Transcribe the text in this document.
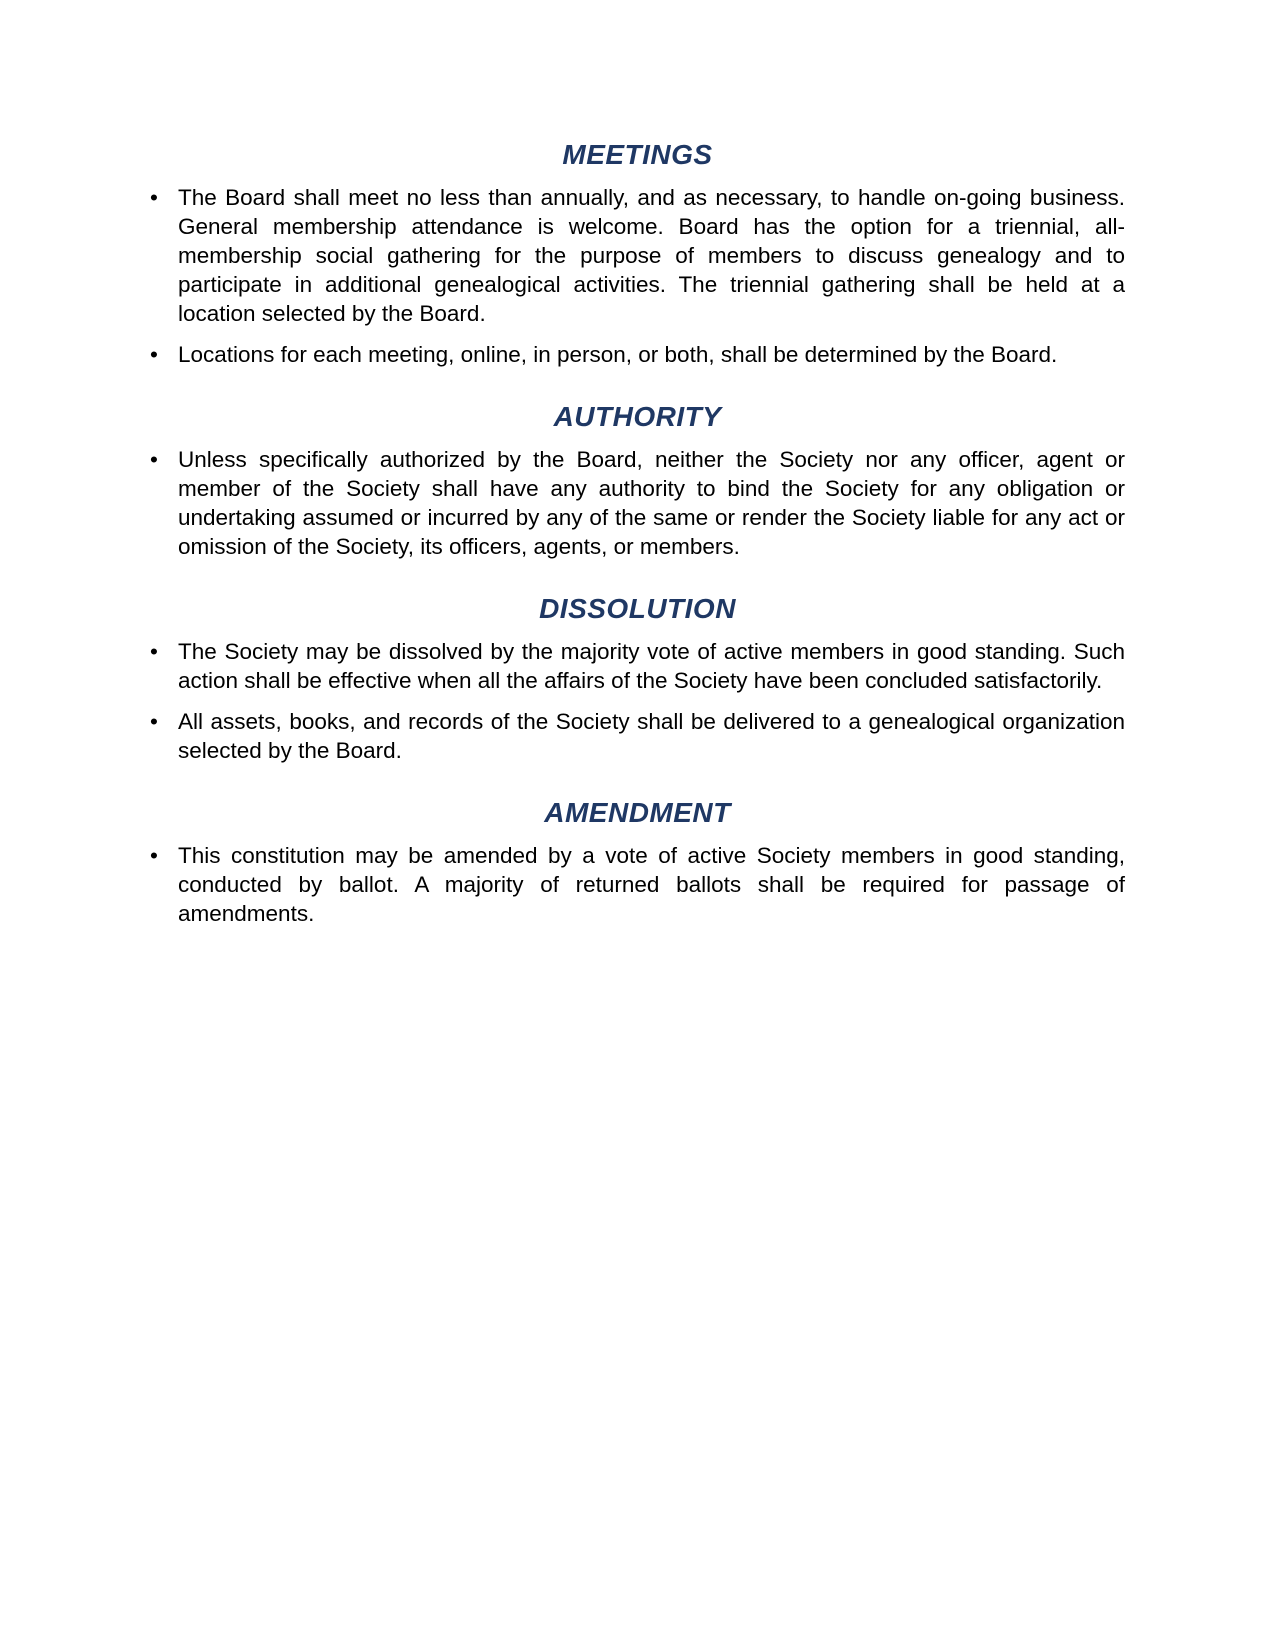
MEETINGS
• The Board shall meet no less than annually, and as necessary, to handle on-going business. General membership attendance is welcome. Board has the option for a triennial, all-membership social gathering for the purpose of members to discuss genealogy and to participate in additional genealogical activities. The triennial gathering shall be held at a location selected by the Board.
• Locations for each meeting, online, in person, or both, shall be determined by the Board.
AUTHORITY
• Unless specifically authorized by the Board, neither the Society nor any officer, agent or member of the Society shall have any authority to bind the Society for any obligation or undertaking assumed or incurred by any of the same or render the Society liable for any act or omission of the Society, its officers, agents, or members.
DISSOLUTION
• The Society may be dissolved by the majority vote of active members in good standing. Such action shall be effective when all the affairs of the Society have been concluded satisfactorily.
• All assets, books, and records of the Society shall be delivered to a genealogical organization selected by the Board.
AMENDMENT
• This constitution may be amended by a vote of active Society members in good standing, conducted by ballot. A majority of returned ballots shall be required for passage of amendments.
